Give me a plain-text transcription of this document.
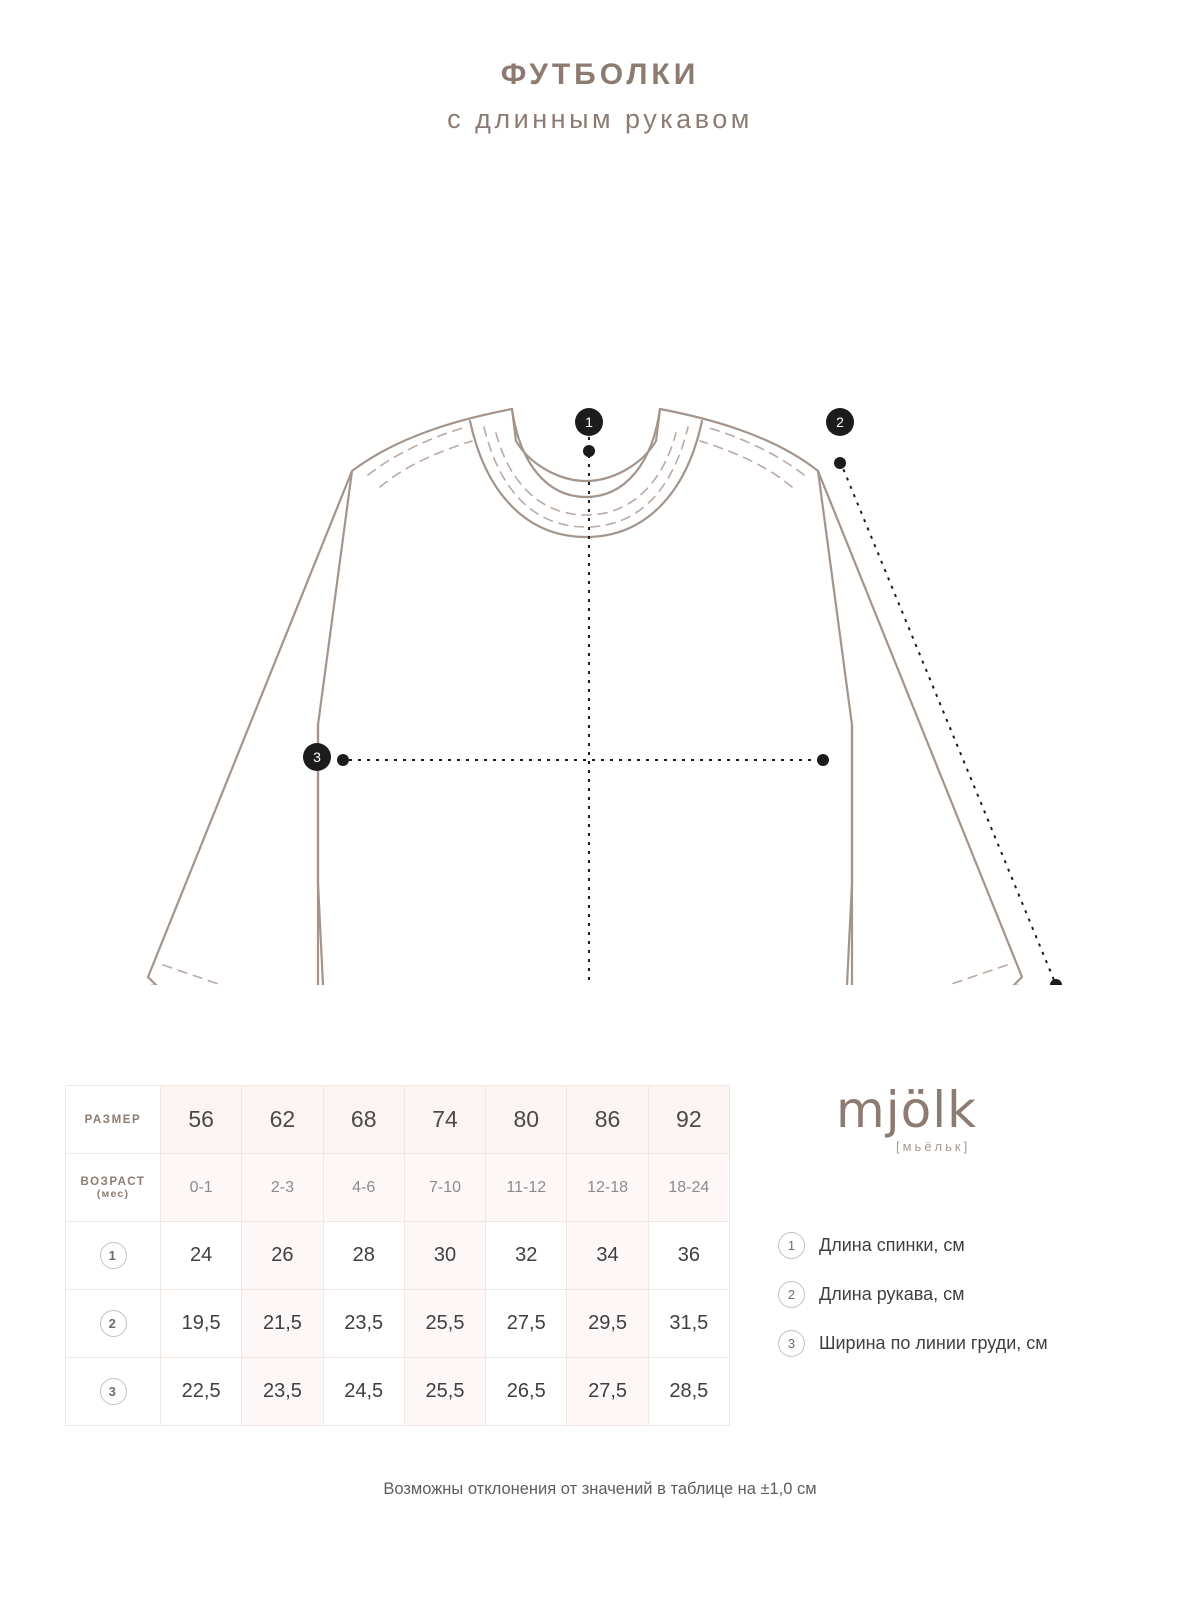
ФУТБОЛКИ
с длинным рукавом
1	2
3
РАЗМЕР	56	62	68	74	80	86	92
ВОЗРАСТ
(мес)	0-1	2-3	4-6	7-10	11-12	12-18	18-24
1	24	26	28	30	32	34	36
2	19,5	21,5	23,5	25,5	27,5	29,5	31,5
3	22,5	23,5	24,5	25,5	26,5	27,5	28,5
mjölk
[мьёльк]
1	Длина спинки, см
2	Длина рукава, см
3	Ширина по линии груди, см
Возможны отклонения от значений в таблице на ±1,0 см
